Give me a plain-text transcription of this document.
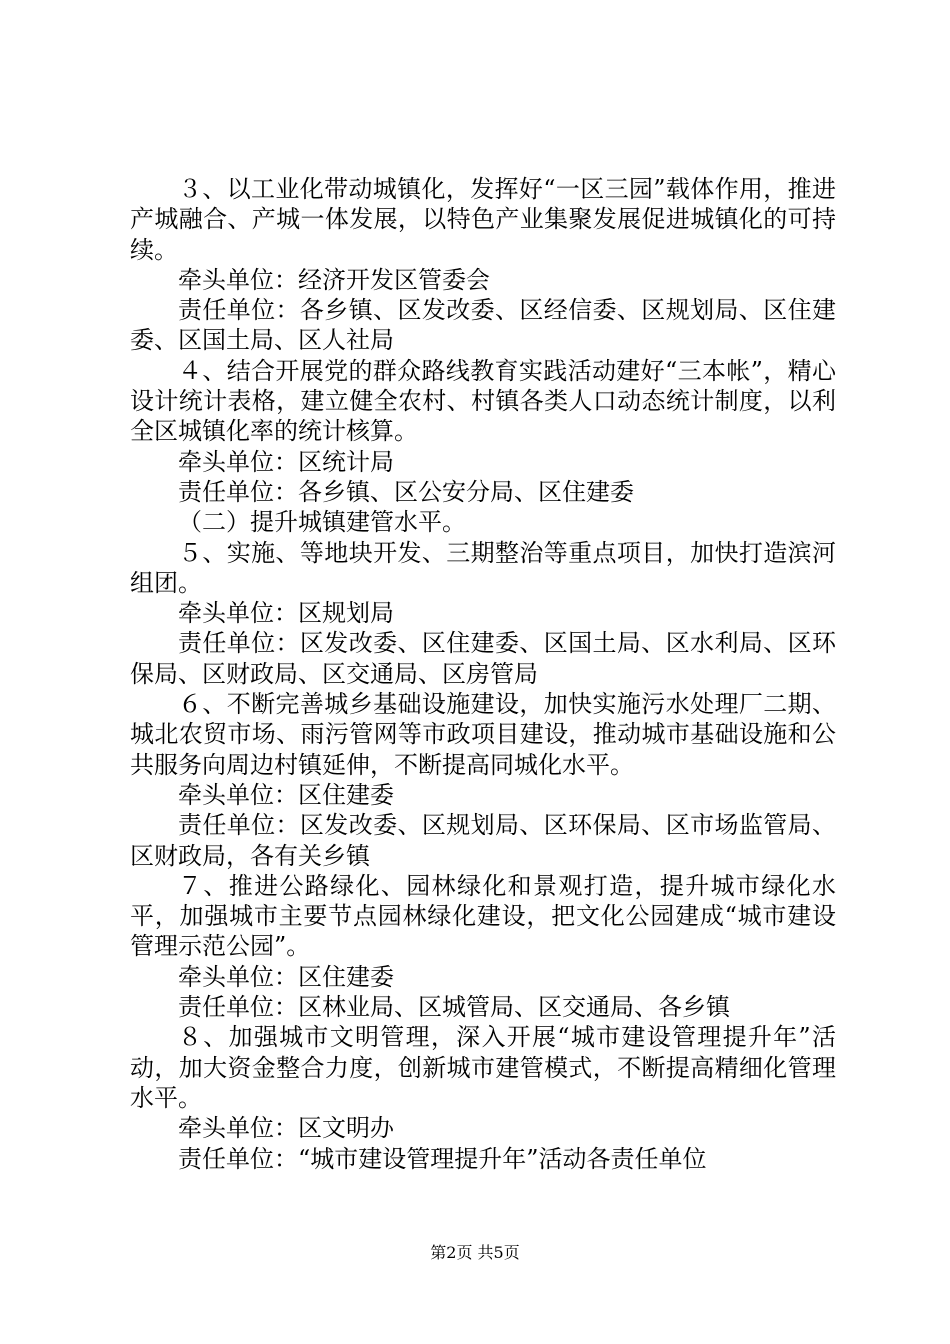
３、以工业化带动城镇化，发挥好“一区三园”载体作用，推进产城融合、产城一体发展，以特色产业集聚发展促进城镇化的可持续。

牵头单位：经济开发区管委会

责任单位：各乡镇、区发改委、区经信委、区规划局、区住建委、区国土局、区人社局

４、结合开展党的群众路线教育实践活动建好“三本帐”，精心设计统计表格，建立健全农村、村镇各类人口动态统计制度，以利全区城镇化率的统计核算。

牵头单位：区统计局

责任单位：各乡镇、区公安分局、区住建委

（二）提升城镇建管水平。

５、实施、等地块开发、三期整治等重点项目，加快打造滨河组团。

牵头单位：区规划局

责任单位：区发改委、区住建委、区国土局、区水利局、区环保局、区财政局、区交通局、区房管局

６、不断完善城乡基础设施建设，加快实施污水处理厂二期、城北农贸市场、雨污管网等市政项目建设，推动城市基础设施和公共服务向周边村镇延伸，不断提高同城化水平。

牵头单位：区住建委

责任单位：区发改委、区规划局、区环保局、区市场监管局、区财政局，各有关乡镇

７、推进公路绿化、园林绿化和景观打造，提升城市绿化水平，加强城市主要节点园林绿化建设，把文化公园建成“城市建设管理示范公园”。

牵头单位：区住建委

责任单位：区林业局、区城管局、区交通局、各乡镇

８、加强城市文明管理，深入开展“城市建设管理提升年”活动，加大资金整合力度，创新城市建管模式，不断提高精细化管理水平。

牵头单位：区文明办

责任单位：“城市建设管理提升年”活动各责任单位

第2页 共5页
